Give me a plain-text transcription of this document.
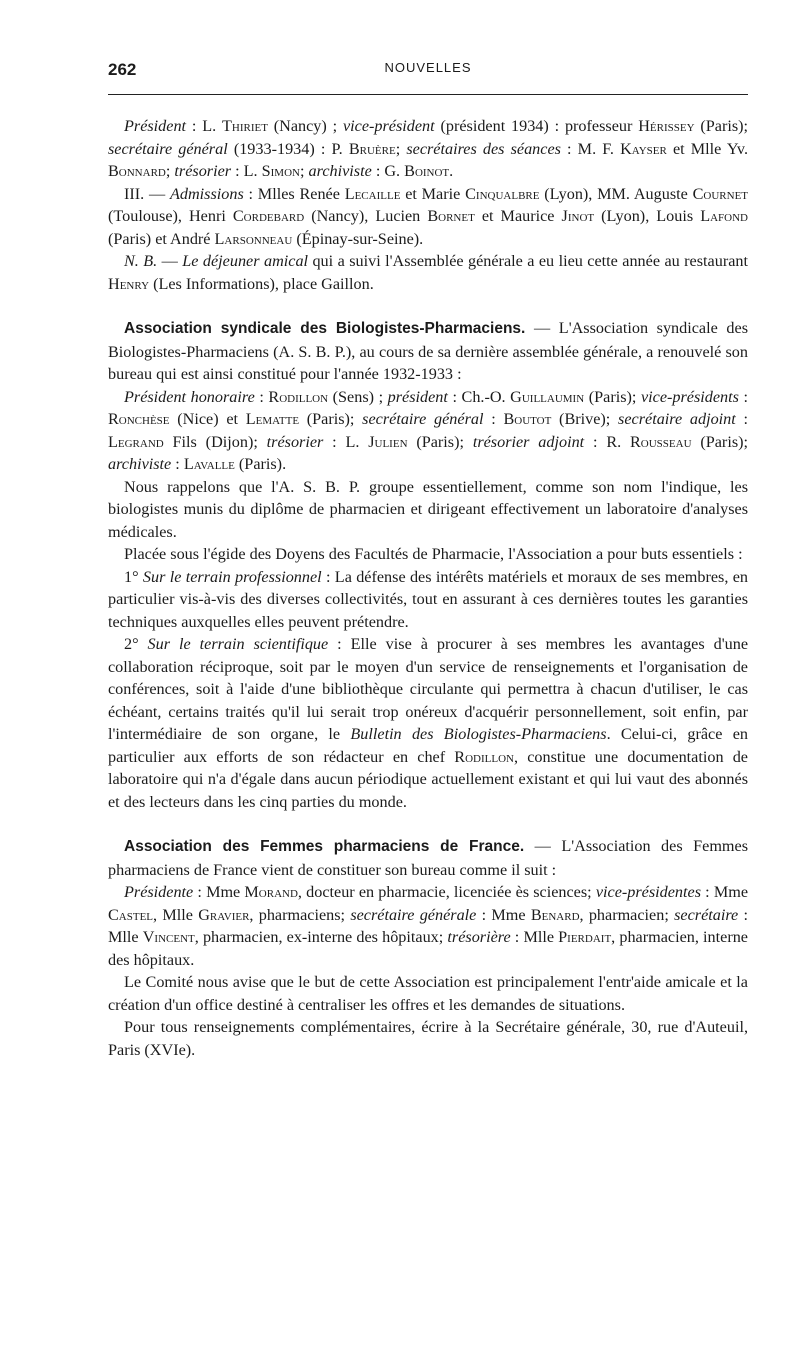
262	NOUVELLES

Président : L. Thiriet (Nancy) ; vice-président (président 1934) : professeur Hérissey (Paris); secrétaire général (1933-1934) : P. Bruère; secrétaires des séances : M. F. Kayser et Mlle Yv. Bonnard; trésorier : L. Simon; archiviste : G. Boinot.

III. — Admissions : Mlles Renée Lecaille et Marie Cinqualbre (Lyon), MM. Auguste Cournet (Toulouse), Henri Cordebard (Nancy), Lucien Bornet et Maurice Jinot (Lyon), Louis Lafond (Paris) et André Larsonneau (Épinay-sur-Seine).

N. B. — Le déjeuner amical qui a suivi l'Assemblée générale a eu lieu cette année au restaurant Henry (Les Informations), place Gaillon.

Association syndicale des Biologistes-Pharmaciens. — L'Association syndicale des Biologistes-Pharmaciens (A. S. B. P.), au cours de sa dernière assemblée générale, a renouvelé son bureau qui est ainsi constitué pour l'année 1932-1933 :

Président honoraire : Rodillon (Sens) ; président : Ch.-O. Guillaumin (Paris); vice-présidents : Ronchèse (Nice) et Lematte (Paris); secrétaire général : Boutot (Brive); secrétaire adjoint : Legrand Fils (Dijon); trésorier : L. Julien (Paris); trésorier adjoint : R. Rousseau (Paris); archiviste : Lavalle (Paris).

Nous rappelons que l'A. S. B. P. groupe essentiellement, comme son nom l'indique, les biologistes munis du diplôme de pharmacien et dirigeant effectivement un laboratoire d'analyses médicales.

Placée sous l'égide des Doyens des Facultés de Pharmacie, l'Association a pour buts essentiels :

1° Sur le terrain professionnel : La défense des intérêts matériels et moraux de ses membres, en particulier vis-à-vis des diverses collectivités, tout en assurant à ces dernières toutes les garanties techniques auxquelles elles peuvent prétendre.

2° Sur le terrain scientifique : Elle vise à procurer à ses membres les avantages d'une collaboration réciproque, soit par le moyen d'un service de renseignements et l'organisation de conférences, soit à l'aide d'une bibliothèque circulante qui permettra à chacun d'utiliser, le cas échéant, certains traités qu'il lui serait trop onéreux d'acquérir personnellement, soit enfin, par l'intermédiaire de son organe, le Bulletin des Biologistes-Pharmaciens. Celui-ci, grâce en particulier aux efforts de son rédacteur en chef Rodillon, constitue une documentation de laboratoire qui n'a d'égale dans aucun périodique actuellement existant et qui lui vaut des abonnés et des lecteurs dans les cinq parties du monde.

Association des Femmes pharmaciens de France. — L'Association des Femmes pharmaciens de France vient de constituer son bureau comme il suit :

Présidente : Mme Morand, docteur en pharmacie, licenciée ès sciences; vice-présidentes : Mme Castel, Mlle Gravier, pharmaciens; secrétaire générale : Mme Benard, pharmacien; secrétaire : Mlle Vincent, pharmacien, ex-interne des hôpitaux; trésorière : Mlle Pierdait, pharmacien, interne des hôpitaux.

Le Comité nous avise que le but de cette Association est principalement l'entr'aide amicale et la création d'un office destiné à centraliser les offres et les demandes de situations.

Pour tous renseignements complémentaires, écrire à la Secrétaire générale, 30, rue d'Auteuil, Paris (XVIe).
